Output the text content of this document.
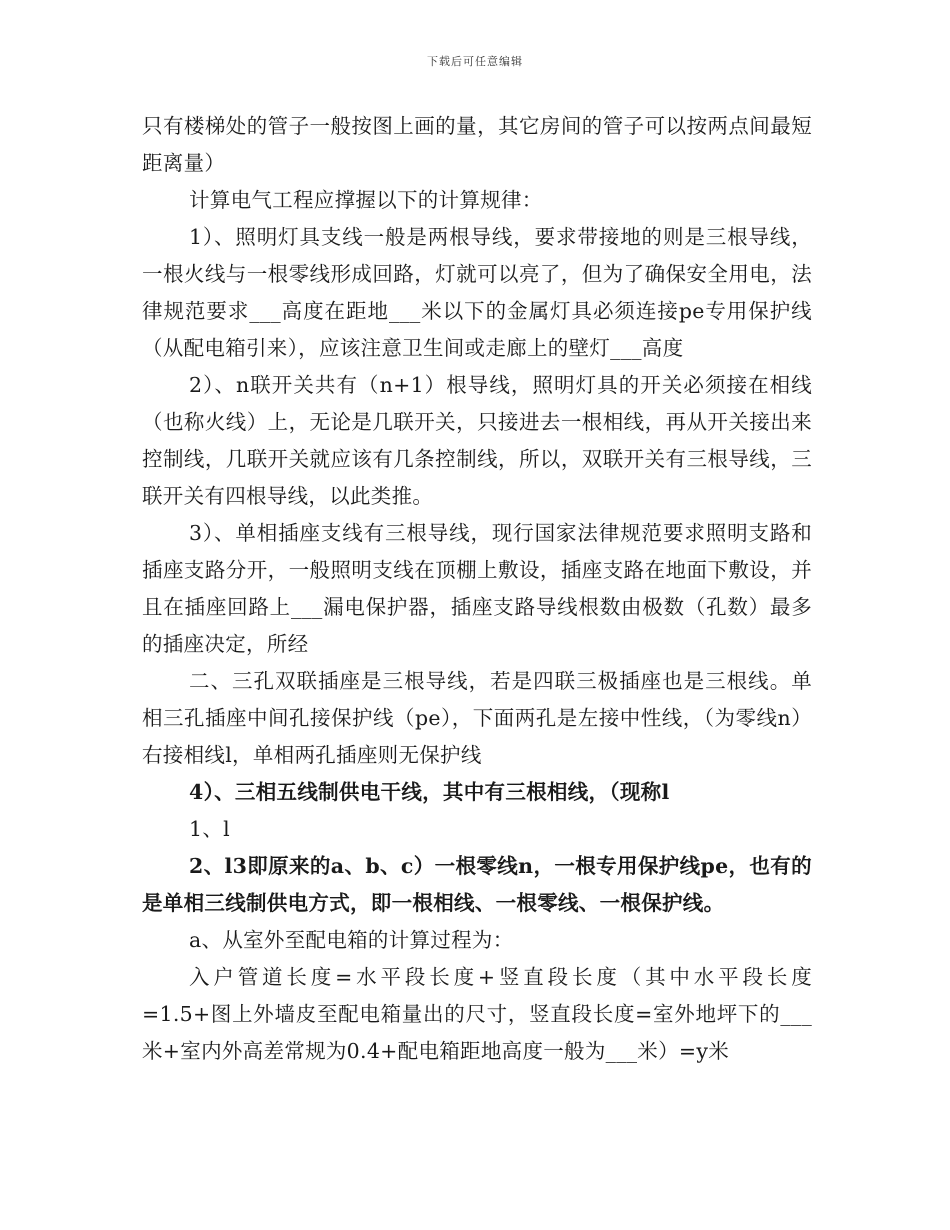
下载后可任意编辑

只有楼梯处的管子一般按图上画的量，其它房间的管子可以按两点间最短距离量）

计算电气工程应撑握以下的计算规律：

1）、照明灯具支线一般是两根导线，要求带接地的则是三根导线，一根火线与一根零线形成回路，灯就可以亮了，但为了确保安全用电，法律规范要求___高度在距地___米以下的金属灯具必须连接pe专用保护线（从配电箱引来），应该注意卫生间或走廊上的壁灯___高度

2）、n联开关共有（n+1）根导线，照明灯具的开关必须接在相线（也称火线）上，无论是几联开关，只接进去一根相线，再从开关接出来控制线，几联开关就应该有几条控制线，所以，双联开关有三根导线，三联开关有四根导线，以此类推。

3）、单相插座支线有三根导线，现行国家法律规范要求照明支路和插座支路分开，一般照明支线在顶棚上敷设，插座支路在地面下敷设，并且在插座回路上___漏电保护器，插座支路导线根数由极数（孔数）最多的插座决定，所经

二、三孔双联插座是三根导线，若是四联三极插座也是三根线。单相三孔插座中间孔接保护线（pe），下面两孔是左接中性线，（为零线n）右接相线l，单相两孔插座则无保护线

4）、三相五线制供电干线，其中有三根相线，（现称l

1、l

2、l3即原来的a、b、c）一根零线n，一根专用保护线pe，也有的是单相三线制供电方式，即一根相线、一根零线、一根保护线。

a、从室外至配电箱的计算过程为：

入户管道长度=水平段长度+竖直段长度（其中水平段长度=1.5+图上外墙皮至配电箱量出的尺寸，竖直段长度=室外地坪下的___米+室内外高差常规为0.4+配电箱距地高度一般为___米）=y米
